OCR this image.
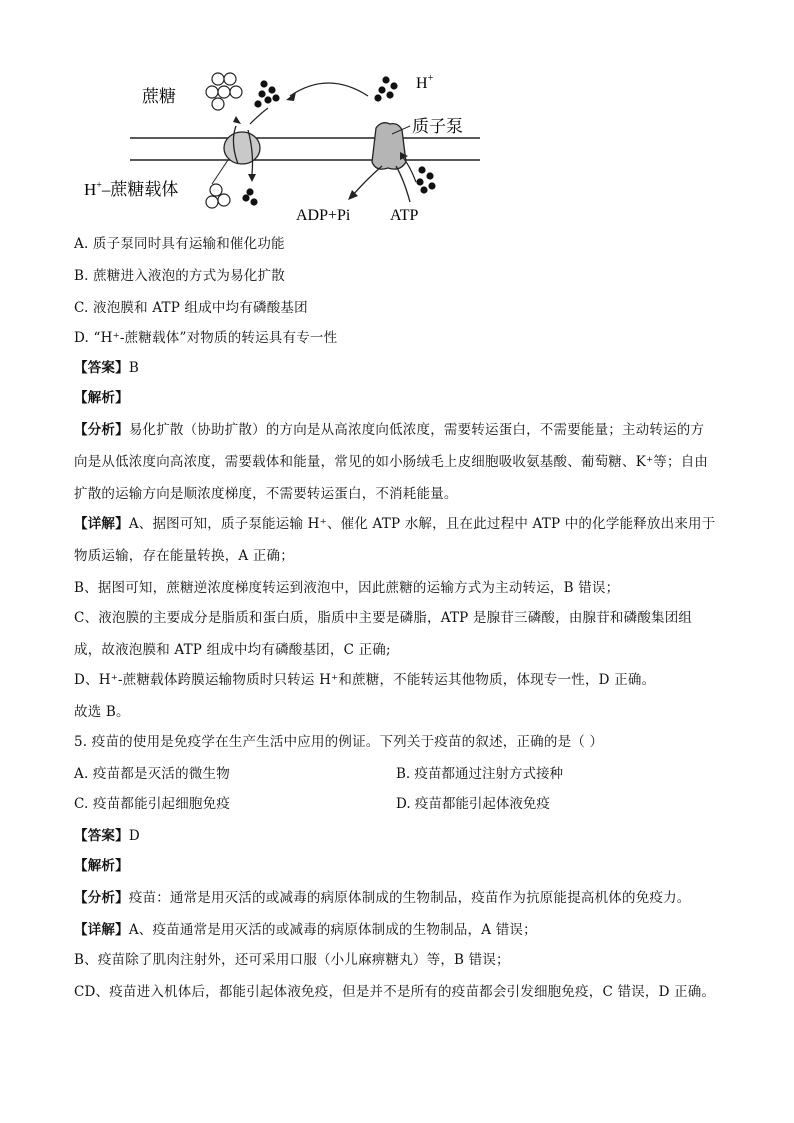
蔗糖
H+
质子泵
H+–蔗糖载体
ADP+Pi ATP
A. 质子泵同时具有运输和催化功能
B. 蔗糖进入液泡的方式为易化扩散
C. 液泡膜和 ATP 组成中均有磷酸基团
D. “H⁺-蔗糖载体”对物质的转运具有专一性
【答案】B
【解析】
【分析】易化扩散（协助扩散）的方向是从高浓度向低浓度，需要转运蛋白，不需要能量；主动转运的方
向是从低浓度向高浓度，需要载体和能量，常见的如小肠绒毛上皮细胞吸收氨基酸、葡萄糖、K⁺等；自由
扩散的运输方向是顺浓度梯度，不需要转运蛋白，不消耗能量。
【详解】A、据图可知，质子泵能运输 H⁺、催化 ATP 水解，且在此过程中 ATP 中的化学能释放出来用于
物质运输，存在能量转换，A 正确；
B、据图可知，蔗糖逆浓度梯度转运到液泡中，因此蔗糖的运输方式为主动转运，B 错误；
C、液泡膜的主要成分是脂质和蛋白质，脂质中主要是磷脂，ATP 是腺苷三磷酸，由腺苷和磷酸集团组
成，故液泡膜和 ATP 组成中均有磷酸基团，C 正确;
D、H⁺-蔗糖载体跨膜运输物质时只转运 H⁺和蔗糖，不能转运其他物质，体现专一性，D 正确。
故选 B。
5. 疫苗的使用是免疫学在生产生活中应用的例证。下列关于疫苗的叙述，正确的是（ ）
A. 疫苗都是灭活的微生物	B. 疫苗都通过注射方式接种
C. 疫苗都能引起细胞免疫	D. 疫苗都能引起体液免疫
【答案】D
【解析】
【分析】疫苗：通常是用灭活的或减毒的病原体制成的生物制品，疫苗作为抗原能提高机体的免疫力。
【详解】A、疫苗通常是用灭活的或减毒的病原体制成的生物制品，A 错误；
B、疫苗除了肌肉注射外，还可采用口服（小儿麻痹糖丸）等，B 错误；
CD、疫苗进入机体后，都能引起体液免疫，但是并不是所有的疫苗都会引发细胞免疫，C 错误，D 正确。
